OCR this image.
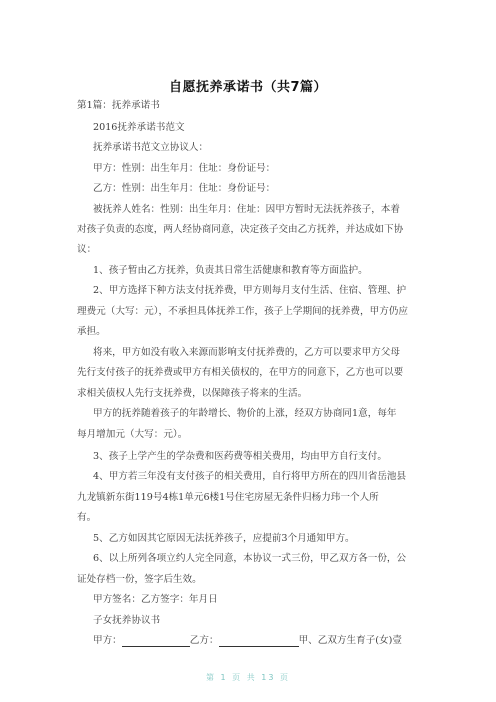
自愿抚养承诺书（共7篇）
第1篇：抚养承诺书
2016抚养承诺书范文
抚养承诺书范文立协议人：
甲方：性别：出生年月：住址：身份证号：
乙方：性别：出生年月：住址：身份证号：
被抚养人姓名：性别：出生年月：住址：因甲方暂时无法抚养孩子，本着
对孩子负责的态度，两人经协商同意，决定孩子交由乙方抚养，并达成如下协
议：
1、孩子暂由乙方抚养，负责其日常生活健康和教育等方面监护。
2、甲方选择下种方法支付抚养费，甲方则每月支付生活、住宿、管理、护
理费元（大写：元），不承担具体抚养工作，孩子上学期间的抚养费，甲方仍应
承担。
将来，甲方如没有收入来源而影响支付抚养费的，乙方可以要求甲方父母
先行支付孩子的抚养费或甲方有相关债权的，在甲方的同意下，乙方也可以要
求相关债权人先行支抚养费，以保障孩子将来的生活。
甲方的抚养随着孩子的年龄增长、物价的上涨，经双方协商同1意，每年
每月增加元（大写：元）。
3、孩子上学产生的学杂费和医药费等相关费用，均由甲方自行支付。
4、甲方若三年没有支付孩子的相关费用，自行将甲方所在的四川省岳池县
九龙镇新东街119号4栋1单元6楼1号住宅房屋无条件归杨力玮一个人所
有。
5、乙方如因其它原因无法抚养孩子，应提前3个月通知甲方。
6、以上所列各项立约人完全同意，本协议一式三份，甲乙双方各一份，公
证处存档一份，签字后生效。
甲方签名：乙方签字：年月日
子女抚养协议书
甲方：	乙方：	甲、乙双方生育子(女)壹
第 1 页 共 13 页
